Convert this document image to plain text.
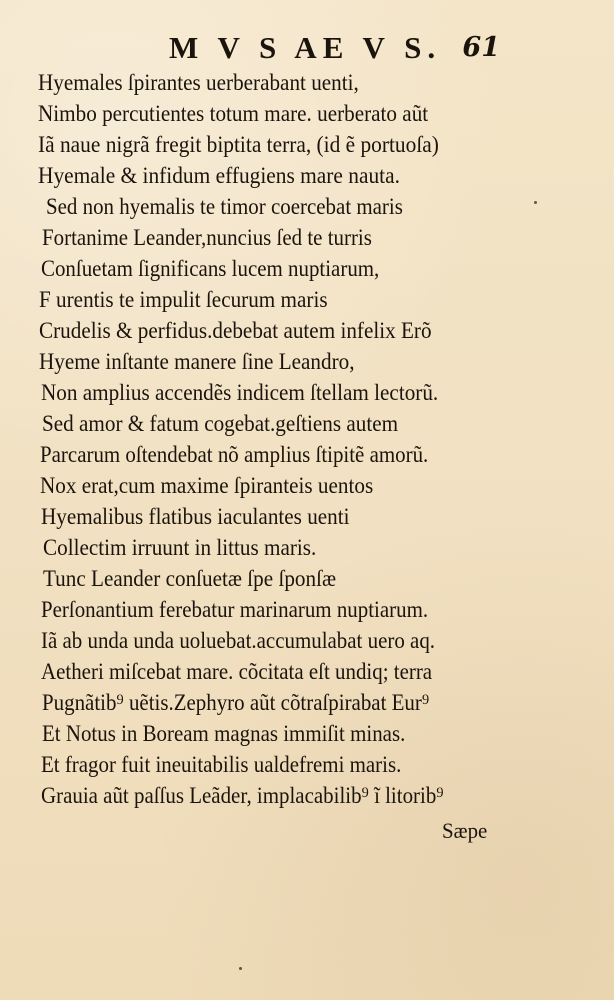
M V S AE V S. 61
Hyemales ſpirantes uerberabant uenti,
Nimbo percutientes totum mare. uerberato aũt
Iã naue nigrã fregit biptita terra, (id ẽ portuoſa)
Hyemale & infidum effugiens mare nauta.
Sed non hyemalis te timor coercebat maris
Fortanime Leander,nuncius ſed te turris
Conſuetam ſignificans lucem nuptiarum,
F urentis te impulit ſecurum maris
Crudelis & perfidus.debebat autem infelix Erõ
Hyeme inſtante manere ſine Leandro,
Non amplius accendẽs indicem ſtellam lectorũ.
Sed amor & fatum cogebat.geſtiens autem
Parcarum oſtendebat nõ amplius ſtipitẽ amorũ.
Nox erat,cum maxime ſpiranteis uentos
Hyemalibus flatibus iaculantes uenti
Collectim irruunt in littus maris.
Tunc Leander conſuetæ ſpe ſponſæ
Perſonantium ferebatur marinarum nuptiarum.
Iã ab unda unda uoluebat.accumulabat uero aq.
Aetheri miſcebat mare. cõcitata eſt undiq; terra
Pugnãtib⁹ uẽtis.Zephyro aũt cõtraſpirabat Eur⁹
Et Notus in Boream magnas immiſit minas.
Et fragor fuit ineuitabilis ualdefremi maris.
Grauia aũt paſſus Leãder, implacabilib⁹ ĩ litorib⁹
Sæpe
